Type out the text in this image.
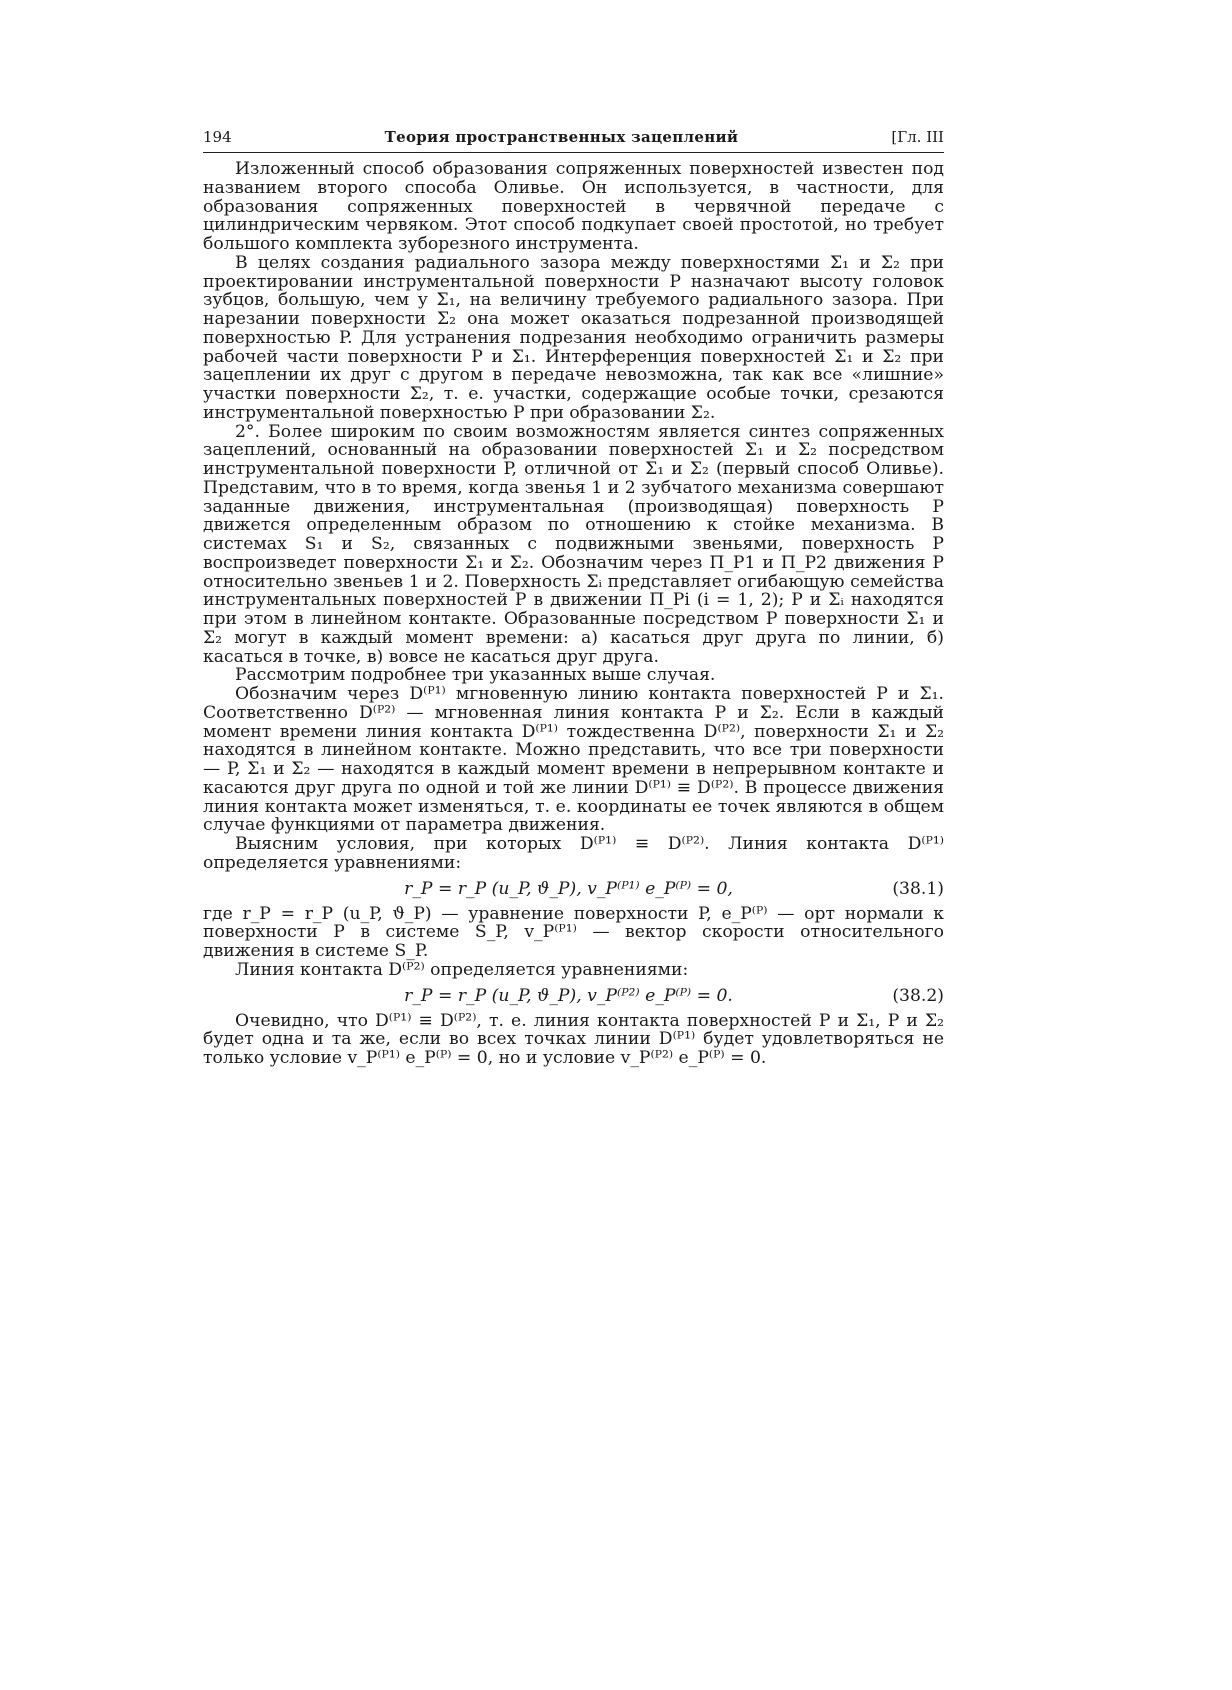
194	Теория пространственных зацеплений	[Гл. III

Изложенный способ образования сопряженных поверхностей известен под названием второго способа Оливье. Он используется, в частности, для образования сопряженных поверхностей в червячной передаче с цилиндрическим червяком. Этот способ подкупает своей простотой, но требует большого комплекта зуборезного инструмента.

В целях создания радиального зазора между поверхностями Σ₁ и Σ₂ при проектировании инструментальной поверхности P назначают высоту головок зубцов, большую, чем у Σ₁, на величину требуемого радиального зазора. При нарезании поверхности Σ₂ она может оказаться подрезанной производящей поверхностью P. Для устранения подрезания необходимо ограничить размеры рабочей части поверхности P и Σ₁. Интерференция поверхностей Σ₁ и Σ₂ при зацеплении их друг с другом в передаче невозможна, так как все «лишние» участки поверхности Σ₂, т. е. участки, содержащие особые точки, срезаются инструментальной поверхностью P при образовании Σ₂.

2°. Более широким по своим возможностям является синтез сопряженных зацеплений, основанный на образовании поверхностей Σ₁ и Σ₂ посредством инструментальной поверхности P, отличной от Σ₁ и Σ₂ (первый способ Оливье). Представим, что в то время, когда звенья 1 и 2 зубчатого механизма совершают заданные движения, инструментальная (производящая) поверхность P движется определенным образом по отношению к стойке механизма. В системах S₁ и S₂, связанных с подвижными звеньями, поверхность P воспроизведет поверхности Σ₁ и Σ₂. Обозначим через Π_P1 и Π_P2 движения P относительно звеньев 1 и 2. Поверхность Σᵢ представляет огибающую семейства инструментальных поверхностей P в движении Π_Pi (i = 1, 2); P и Σᵢ находятся при этом в линейном контакте. Образованные посредством P поверхности Σ₁ и Σ₂ могут в каждый момент времени: а) касаться друг друга по линии, б) касаться в точке, в) вовсе не касаться друг друга.

Рассмотрим подробнее три указанных выше случая.

Обозначим через D⁽ᴾ¹⁾ мгновенную линию контакта поверхностей P и Σ₁. Соответственно D⁽ᴾ²⁾ — мгновенная линия контакта P и Σ₂. Если в каждый момент времени линия контакта D⁽ᴾ¹⁾ тождественна D⁽ᴾ²⁾, поверхности Σ₁ и Σ₂ находятся в линейном контакте. Можно представить, что все три поверхности — P, Σ₁ и Σ₂ — находятся в каждый момент времени в непрерывном контакте и касаются друг друга по одной и той же линии D⁽ᴾ¹⁾ ≡ D⁽ᴾ²⁾. В процессе движения линия контакта может изменяться, т. е. координаты ее точек являются в общем случае функциями от параметра движения.

Выясним условия, при которых D⁽ᴾ¹⁾ ≡ D⁽ᴾ²⁾. Линия контакта D⁽ᴾ¹⁾ определяется уравнениями:

r_P = r_P (u_P, ϑ_P), v_P⁽ᴾ¹⁾ e_P⁽ᴾ⁾ = 0,	(38.1)

где r_P = r_P (u_P, ϑ_P) — уравнение поверхности P, e_P⁽ᴾ⁾ — орт нормали к поверхности P в системе S_P, v_P⁽ᴾ¹⁾ — вектор скорости относительного движения в системе S_P.

Линия контакта D⁽ᴾ²⁾ определяется уравнениями:

r_P = r_P (u_P, ϑ_P), v_P⁽ᴾ²⁾ e_P⁽ᴾ⁾ = 0.	(38.2)

Очевидно, что D⁽ᴾ¹⁾ ≡ D⁽ᴾ²⁾, т. е. линия контакта поверхностей P и Σ₁, P и Σ₂ будет одна и та же, если во всех точках линии D⁽ᴾ¹⁾ будет удовлетворяться не только условие v_P⁽ᴾ¹⁾ e_P⁽ᴾ⁾ = 0, но и условие v_P⁽ᴾ²⁾ e_P⁽ᴾ⁾ = 0.
